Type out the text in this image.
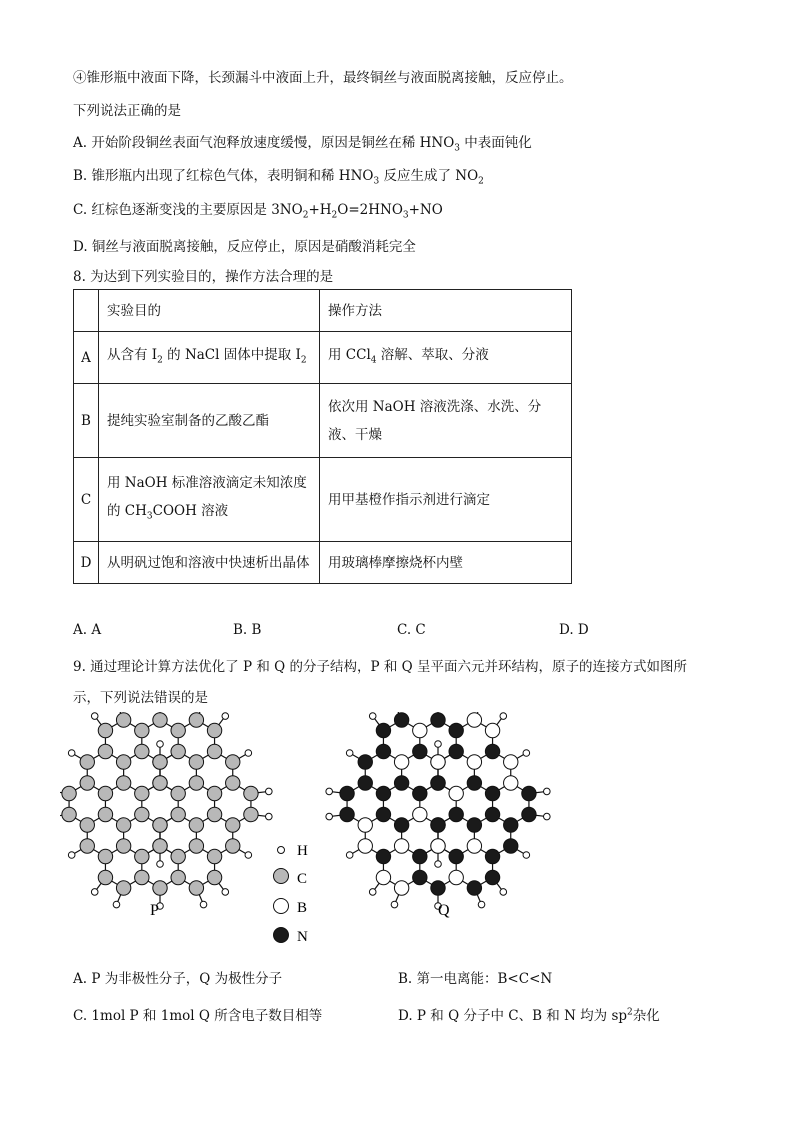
④锥形瓶中液面下降，长颈漏斗中液面上升，最终铜丝与液面脱离接触，反应停止。
下列说法正确的是
A. 开始阶段铜丝表面气泡释放速度缓慢，原因是铜丝在稀 $HNO_3$ 中表面钝化
B. 锥形瓶内出现了红棕色气体，表明铜和稀 $HNO_3$ 反应生成了 $NO_2$
C. 红棕色逐渐变浅的主要原因是 $3NO_2+H_2O=2HNO_3+NO$
D. 铜丝与液面脱离接触，反应停止，原因是硝酸消耗完全
8. 为达到下列实验目的，操作方法合理的是
	实验目的	操作方法
A	从含有 $I_2$ 的 NaCl 固体中提取 $I_2$	用 CCl$_4$ 溶解、萃取、分液
B	提纯实验室制备的乙酸乙酯	依次用 NaOH 溶液洗涤、水洗、分液、干燥
C	用 NaOH 标准溶液滴定未知浓度的 $CH_3COOH$ 溶液	用甲基橙作指示剂进行滴定
D	从明矾过饱和溶液中快速析出晶体	用玻璃棒摩擦烧杯内壁
A. A	B. B	C. C	D. D
9. 通过理论计算方法优化了 P 和 Q 的分子结构，P 和 Q 呈平面六元并环结构，原子的连接方式如图所
示，下列说法错误的是
P	Q
H
C
B
N
A. P 为非极性分子，Q 为极性分子	B. 第一电离能：B<C<N
C. 1mol P 和 1mol Q 所含电子数目相等	D. P 和 Q 分子中 C、B 和 N 均为 $sp^2$杂化
